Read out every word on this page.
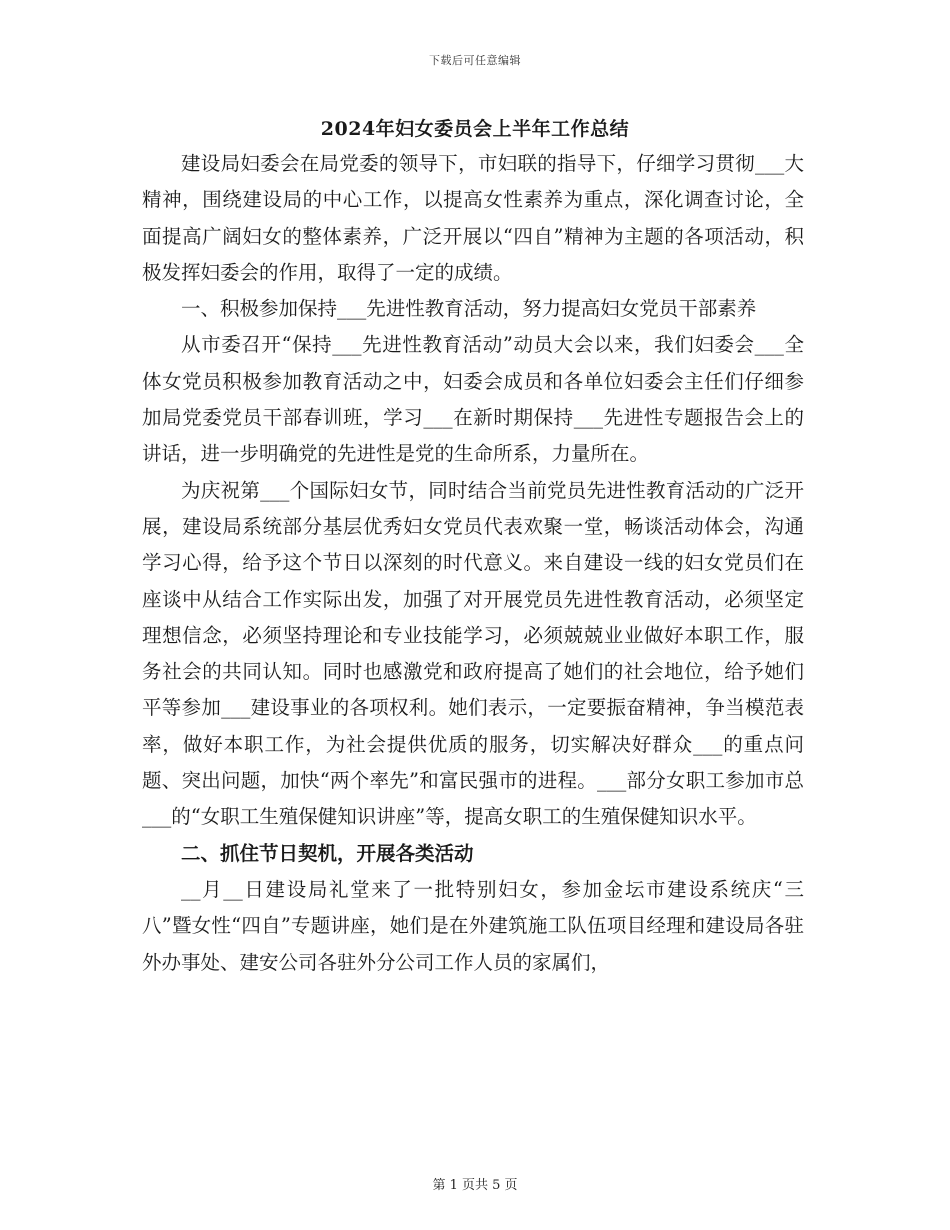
下载后可任意编辑
2024年妇女委员会上半年工作总结

建设局妇委会在局党委的领导下，市妇联的指导下，仔细学习贯彻___大精神，围绕建设局的中心工作，以提高女性素养为重点，深化调查讨论，全面提高广阔妇女的整体素养，广泛开展以“四自”精神为主题的各项活动，积极发挥妇委会的作用，取得了一定的成绩。

一、积极参加保持___先进性教育活动，努力提高妇女党员干部素养

从市委召开“保持___先进性教育活动”动员大会以来，我们妇委会___全体女党员积极参加教育活动之中，妇委会成员和各单位妇委会主任们仔细参加局党委党员干部春训班，学习___在新时期保持___先进性专题报告会上的讲话，进一步明确党的先进性是党的生命所系，力量所在。

为庆祝第___个国际妇女节，同时结合当前党员先进性教育活动的广泛开展，建设局系统部分基层优秀妇女党员代表欢聚一堂，畅谈活动体会，沟通学习心得，给予这个节日以深刻的时代意义。来自建设一线的妇女党员们在座谈中从结合工作实际出发，加强了对开展党员先进性教育活动，必须坚定理想信念，必须坚持理论和专业技能学习，必须兢兢业业做好本职工作，服务社会的共同认知。同时也感激党和政府提高了她们的社会地位，给予她们平等参加___建设事业的各项权利。她们表示，一定要振奋精神，争当模范表率，做好本职工作，为社会提供优质的服务，切实解决好群众___的重点问题、突出问题，加快“两个率先”和富民强市的进程。___部分女职工参加市总___的“女职工生殖保健知识讲座”等，提高女职工的生殖保健知识水平。

二、抓住节日契机，开展各类活动

__月__日建设局礼堂来了一批特别妇女，参加金坛市建设系统庆“三八”暨女性“四自”专题讲座，她们是在外建筑施工队伍项目经理和建设局各驻外办事处、建安公司各驻外分公司工作人员的家属们，

第 1 页共 5 页
